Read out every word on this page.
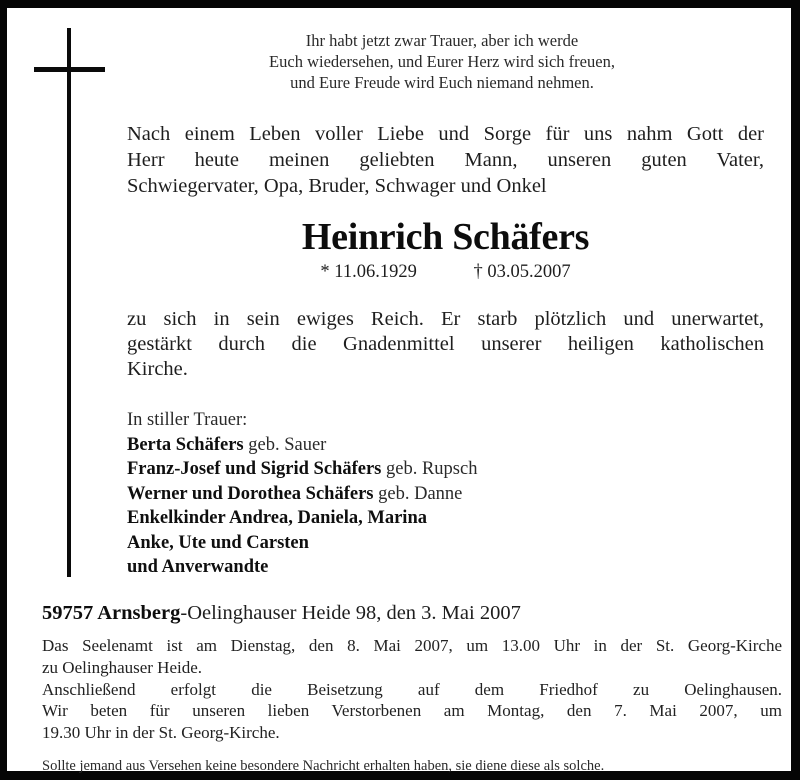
Ihr habt jetzt zwar Trauer, aber ich werde
Euch wiedersehen, und Eurer Herz wird sich freuen,
und Eure Freude wird Euch niemand nehmen.
Nach einem Leben voller Liebe und Sorge für uns nahm Gott der
Herr heute meinen geliebten Mann, unseren guten Vater,
Schwiegervater, Opa, Bruder, Schwager und Onkel
Heinrich Schäfers
* 11.06.1929	† 03.05.2007
zu sich in sein ewiges Reich. Er starb plötzlich und unerwartet,
gestärkt durch die Gnadenmittel unserer heiligen katholischen
Kirche.
In stiller Trauer:
Berta Schäfers geb. Sauer
Franz-Josef und Sigrid Schäfers geb. Rupsch
Werner und Dorothea Schäfers geb. Danne
Enkelkinder Andrea, Daniela, Marina
Anke, Ute und Carsten
und Anverwandte
59757 Arnsberg-Oelinghauser Heide 98, den 3. Mai 2007
Das Seelenamt ist am Dienstag, den 8. Mai 2007, um 13.00 Uhr in der St. Georg-Kirche
zu Oelinghauser Heide.
Anschließend erfolgt die Beisetzung auf dem Friedhof zu Oelinghausen.
Wir beten für unseren lieben Verstorbenen am Montag, den 7. Mai 2007, um
19.30 Uhr in der St. Georg-Kirche.
Sollte jemand aus Versehen keine besondere Nachricht erhalten haben, sie diene diese als solche.
